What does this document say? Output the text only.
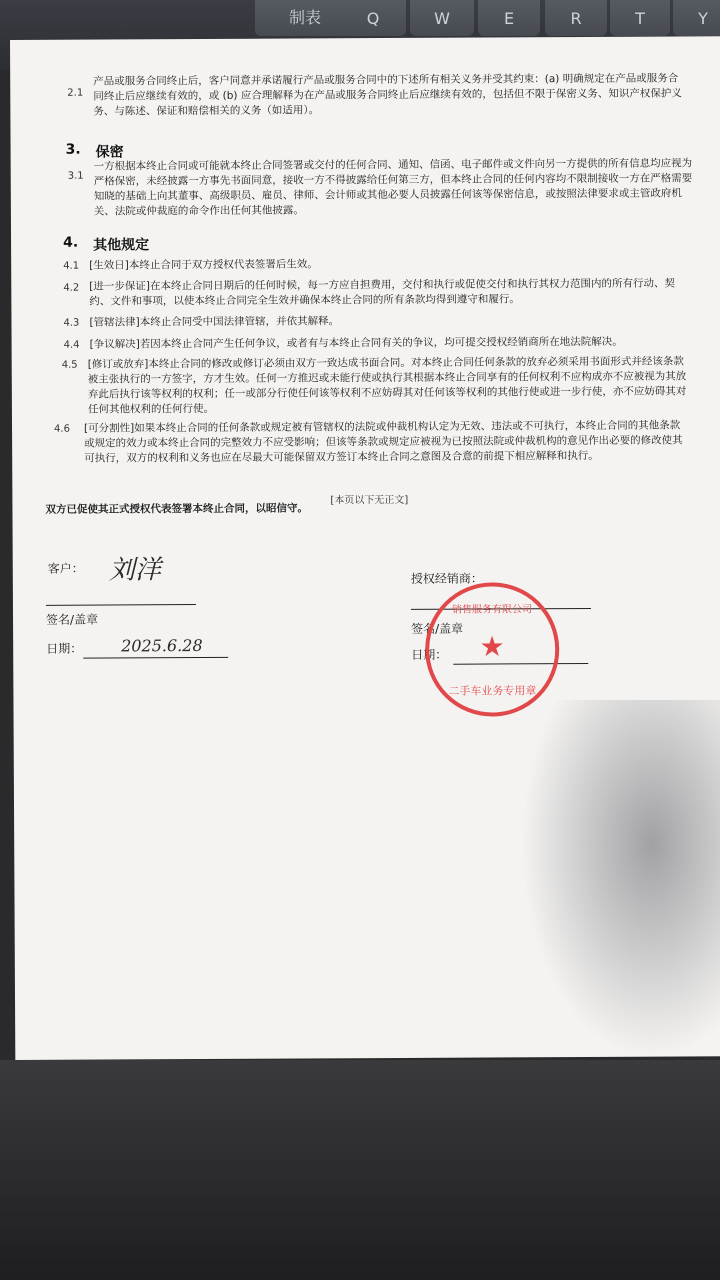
制表	Q	W	E	R	T	Y
2.1
产品或服务合同终止后，客户同意并承诺履行产品或服务合同中的下述所有相关义务并受其约束：(a) 明确规定在产品或服务合同终止后应继续有效的，或 (b) 应合理解释为在产品或服务合同终止后应继续有效的，包括但不限于保密义务、知识产权保护义务、与陈述、保证和赔偿相关的义务（如适用）。
3. 保密
3.1
一方根据本终止合同或可能就本终止合同签署或交付的任何合同、通知、信函、电子邮件或文件向另一方提供的所有信息均应视为严格保密，未经披露一方事先书面同意，接收一方不得披露给任何第三方，但本终止合同的任何内容均不限制接收一方在严格需要知晓的基础上向其董事、高级职员、雇员、律师、会计师或其他必要人员披露任何该等保密信息，或按照法律要求或主管政府机关、法院或仲裁庭的命令作出任何其他披露。
4. 其他规定
4.1 [生效日]本终止合同于双方授权代表签署后生效。
4.2 [进一步保证]在本终止合同日期后的任何时候，每一方应自担费用，交付和执行或促使交付和执行其权力范围内的所有行动、契约、文件和事项，以使本终止合同完全生效并确保本终止合同的所有条款均得到遵守和履行。
4.3 [管辖法律]本终止合同受中国法律管辖，并依其解释。
4.4 [争议解决]若因本终止合同产生任何争议，或者有与本终止合同有关的争议，均可提交授权经销商所在地法院解决。
4.5 [修订或放弃]本终止合同的修改或修订必须由双方一致达成书面合同。对本终止合同任何条款的放弃必须采用书面形式并经该条款被主张执行的一方签字，方才生效。任何一方推迟或未能行使或执行其根据本终止合同享有的任何权利不应构成亦不应被视为其放弃此后执行该等权利的权利；任一或部分行使任何该等权利不应妨碍其对任何该等权利的其他行使或进一步行使，亦不应妨碍其对任何其他权利的任何行使。
4.6 [可分割性]如果本终止合同的任何条款或规定被有管辖权的法院或仲裁机构认定为无效、违法或不可执行，本终止合同的其他条款或规定的效力或本终止合同的完整效力不应受影响；但该等条款或规定应被视为已按照法院或仲裁机构的意见作出必要的修改使其可执行，双方的权利和义务也应在尽最大可能保留双方签订本终止合同之意图及合意的前提下相应解释和执行。
[本页以下无正文]
双方已促使其正式授权代表签署本终止合同，以昭信守。
客户： 刘洋
签名/盖章
日期： 2025.6.28
授权经销商：
签名/盖章
日期：
销售服务有限公司
★
二手车业务专用章
